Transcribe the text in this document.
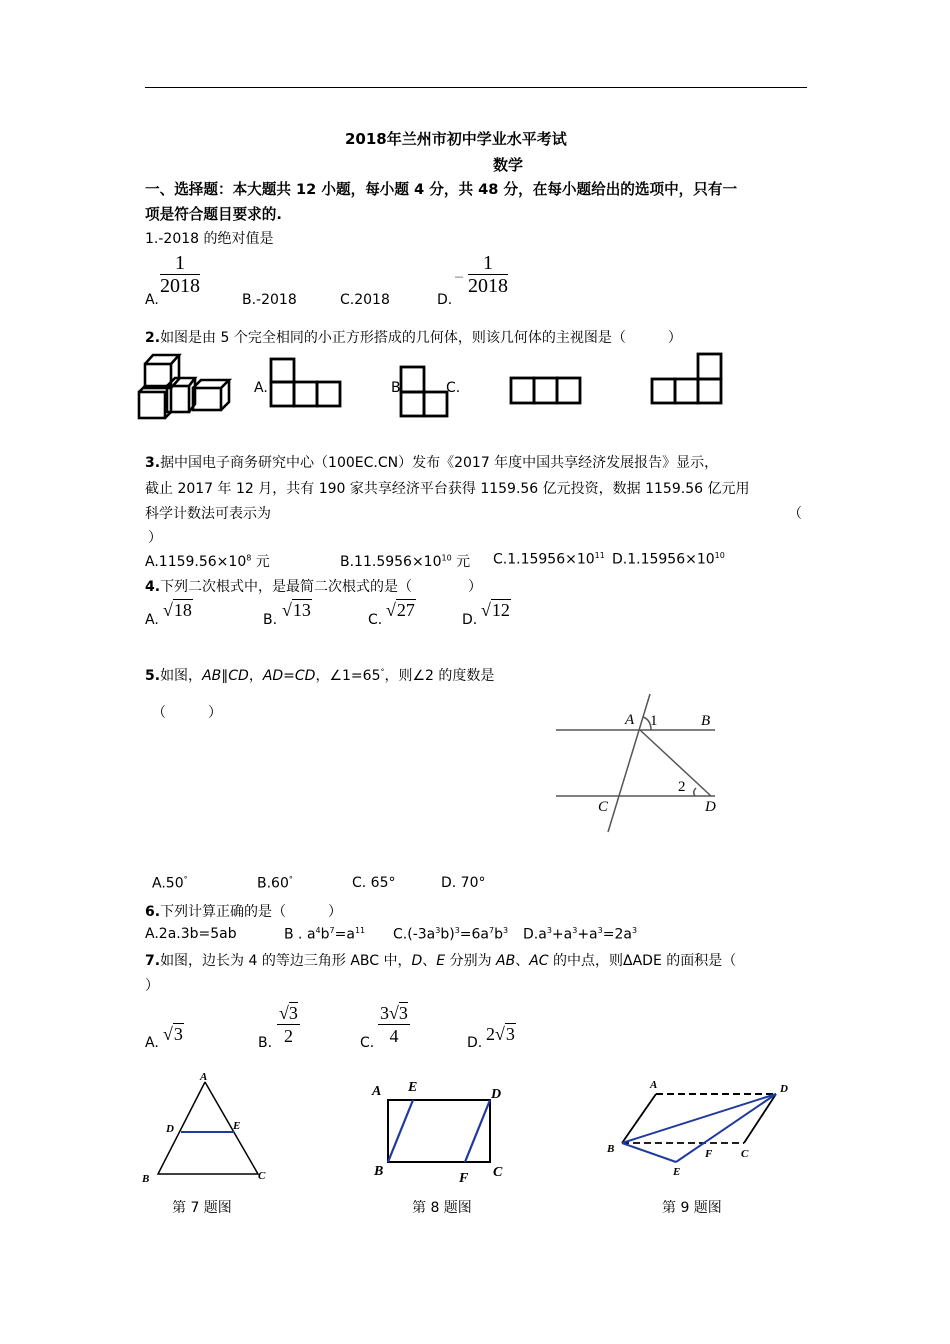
2018年兰州市初中学业水平考试
数学
一、选择题：本大题共 12 小题，每小题 4 分，共 48 分，在每小题给出的选项中，只有一
项是符合题目要求的.
1.-2018 的绝对值是
A.
$\frac{1}{2018}$
B.-2018	C.2018	D.
– $\frac{1}{2018}$
2.如图是由 5 个完全相同的小正方形搭成的几何体，则该几何体的主视图是（　　　）
A.	B	C.
3.据中国电子商务研究中心（100EC.CN）发布《2017 年度中国共享经济发展报告》显示，
截止 2017 年 12 月，共有 190 家共享经济平台获得 1159.56 亿元投资，数据 1159.56 亿元用
科学计数法可表示为	（
）
$A.1159.56\times 10^8$ 元	$B.11.5956\times 10^{10}$ 元 $C.1.15956\times 10^{11}$ $D.1.15956\times 10^{10}$
4.下列二次根式中，是最简二次根式的是（　　　　）
A. √18	B. √13	C. √27	D. √12
5.如图，AB∥CD，AD=CD，∠1=65°，则∠2 的度数是
（　　　）	A 1	B
2
C	D
A.50°	B.60°	C. 65°	D. 70°
6.下列计算正确的是（　　　）
A.2a.3b=5ab	B . $a^4b^7=a^{11}$ $C.(-3a^3b)^3=6a^7b^3$ $D.a^3+a^3+a^3=2a^3$
7.如图，边长为 4 的等边三角形 ABC 中，D、E 分别为 AB、AC 的中点，则ΔADE 的面积是（
）
A. √3	B. $\frac{√3}{2}$	C. $\frac{3√3}{4}$	D. 2√3
A
D	E
B	C
A E	D
B	F C
A	D
B
E
F	C
第 7 题图	第 8 题图	第 9 题图
